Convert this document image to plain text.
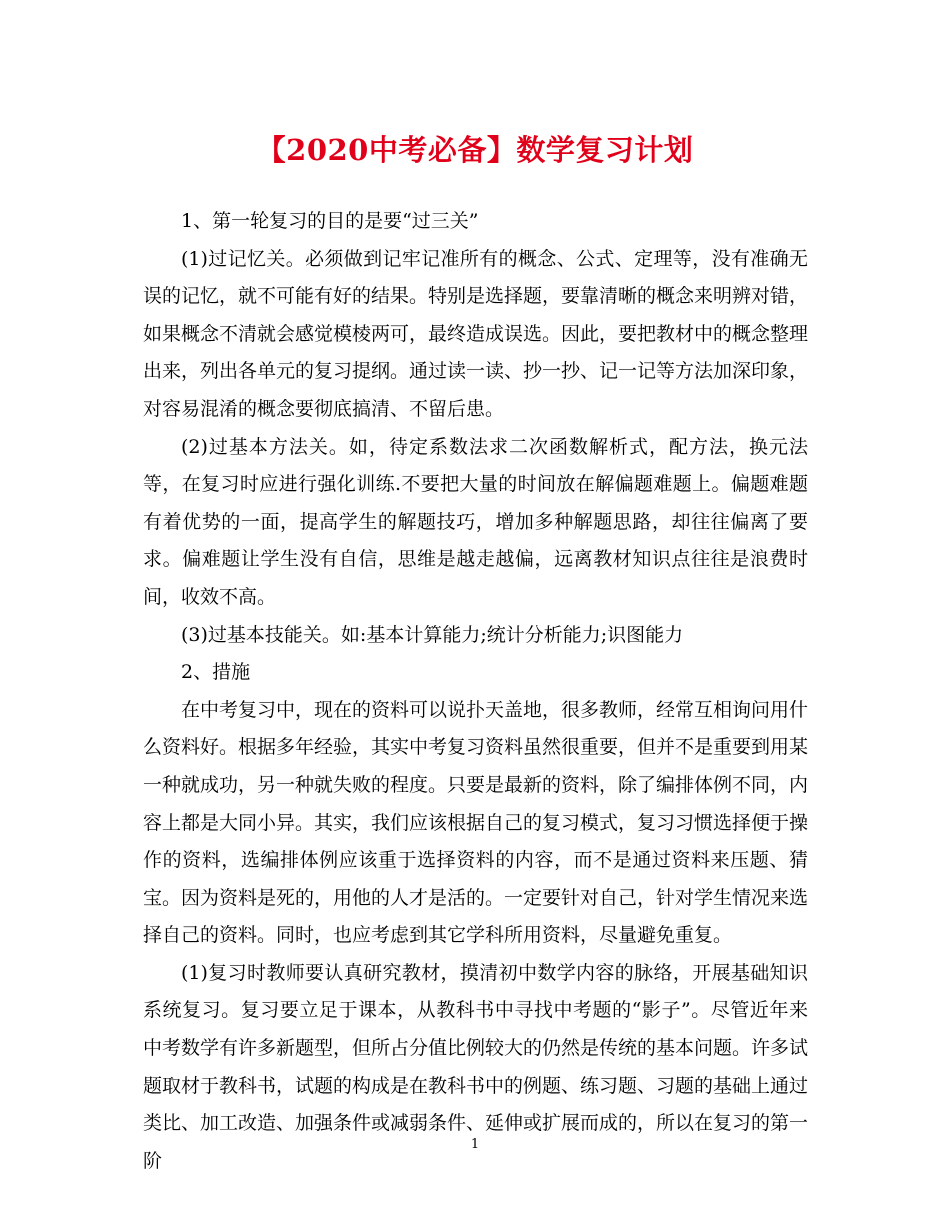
【2020中考必备】数学复习计划

1、第一轮复习的目的是要“过三关”

(1)过记忆关。必须做到记牢记准所有的概念、公式、定理等，没有准确无误的记忆，就不可能有好的结果。特别是选择题，要靠清晰的概念来明辨对错，如果概念不清就会感觉模棱两可，最终造成误选。因此，要把教材中的概念整理出来，列出各单元的复习提纲。通过读一读、抄一抄、记一记等方法加深印象，对容易混淆的概念要彻底搞清、不留后患。

(2)过基本方法关。如，待定系数法求二次函数解析式，配方法，换元法等，在复习时应进行强化训练.不要把大量的时间放在解偏题难题上。偏题难题有着优势的一面，提高学生的解题技巧，增加多种解题思路，却往往偏离了要求。偏难题让学生没有自信，思维是越走越偏，远离教材知识点往往是浪费时间，收效不高。

(3)过基本技能关。如:基本计算能力;统计分析能力;识图能力

2、措施

在中考复习中，现在的资料可以说扑天盖地，很多教师，经常互相询问用什么资料好。根据多年经验，其实中考复习资料虽然很重要，但并不是重要到用某一种就成功，另一种就失败的程度。只要是最新的资料，除了编排体例不同，内容上都是大同小异。其实，我们应该根据自己的复习模式，复习习惯选择便于操作的资料，选编排体例应该重于选择资料的内容，而不是通过资料来压题、猜宝。因为资料是死的，用他的人才是活的。一定要针对自己，针对学生情况来选择自己的资料。同时，也应考虑到其它学科所用资料，尽量避免重复。

(1)复习时教师要认真研究教材，摸清初中数学内容的脉络，开展基础知识系统复习。复习要立足于课本，从教科书中寻找中考题的“影子”。尽管近年来中考数学有许多新题型，但所占分值比例较大的仍然是传统的基本问题。许多试题取材于教科书，试题的构成是在教科书中的例题、练习题、习题的基础上通过类比、加工改造、加强条件或减弱条件、延伸或扩展而成的，所以在复习的第一阶

1
